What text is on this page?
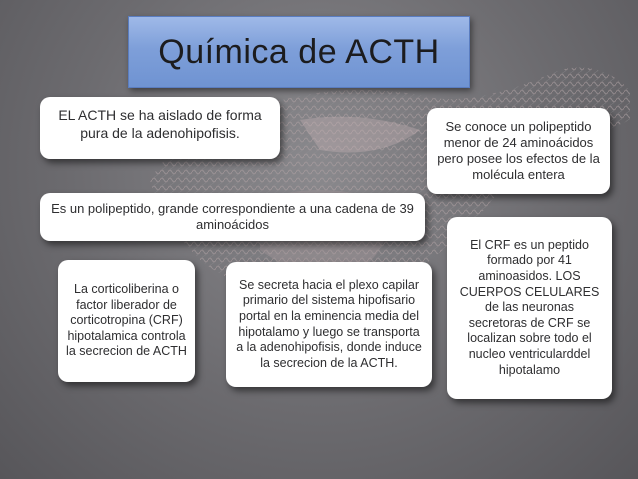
Química de ACTH
EL ACTH se ha aislado de forma pura de la adenohipofisis.	Se conoce un polipeptido menor de 24 aminoácidos pero posee los efectos de la molécula entera
Es un polipeptido, grande correspondiente a una cadena de 39 aminoácidos
El CRF es un peptido formado por 41 aminoasidos. LOS CUERPOS CELULARES de las neuronas secretoras de CRF se localizan sobre todo el nucleo ventricularddel hipotalamo
La corticoliberina o factor liberador de corticotropina (CRF) hipotalamica controla la secrecion de ACTH
Se secreta hacia el plexo capilar primario del sistema hipofisario portal en la eminencia media del hipotalamo y luego se transporta a la adenohipofisis, donde induce la secrecion de la ACTH.
